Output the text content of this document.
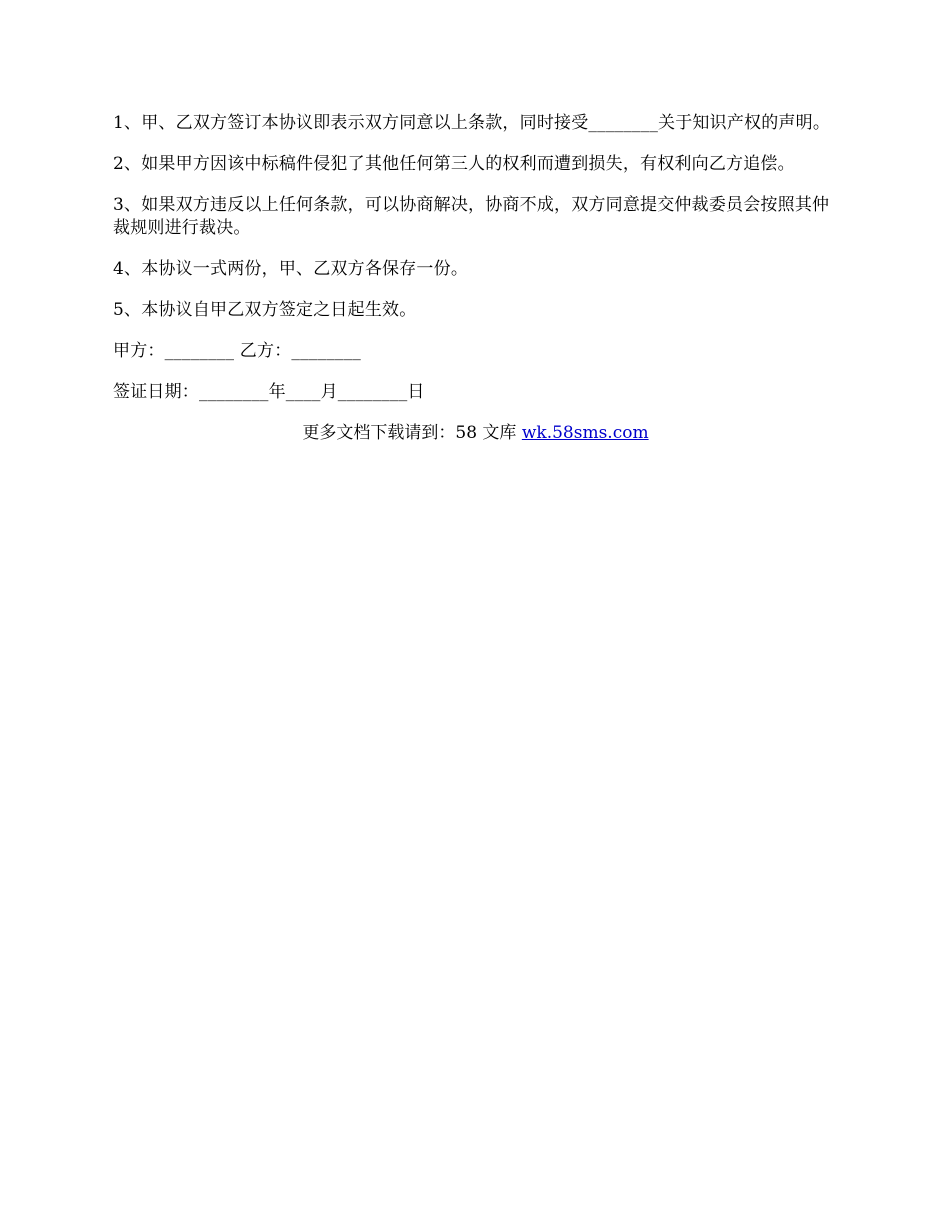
1、甲、乙双方签订本协议即表示双方同意以上条款，同时接受________关于知识产权的声明。

2、如果甲方因该中标稿件侵犯了其他任何第三人的权利而遭到损失，有权利向乙方追偿。

3、如果双方违反以上任何条款，可以协商解决，协商不成，双方同意提交仲裁委员会按照其仲裁规则进行裁决。

4、本协议一式两份，甲、乙双方各保存一份。

5、本协议自甲乙双方签定之日起生效。

甲方：________ 乙方：________

签证日期：________年____月________日

更多文档下载请到：58 文库 wk.58sms.com
